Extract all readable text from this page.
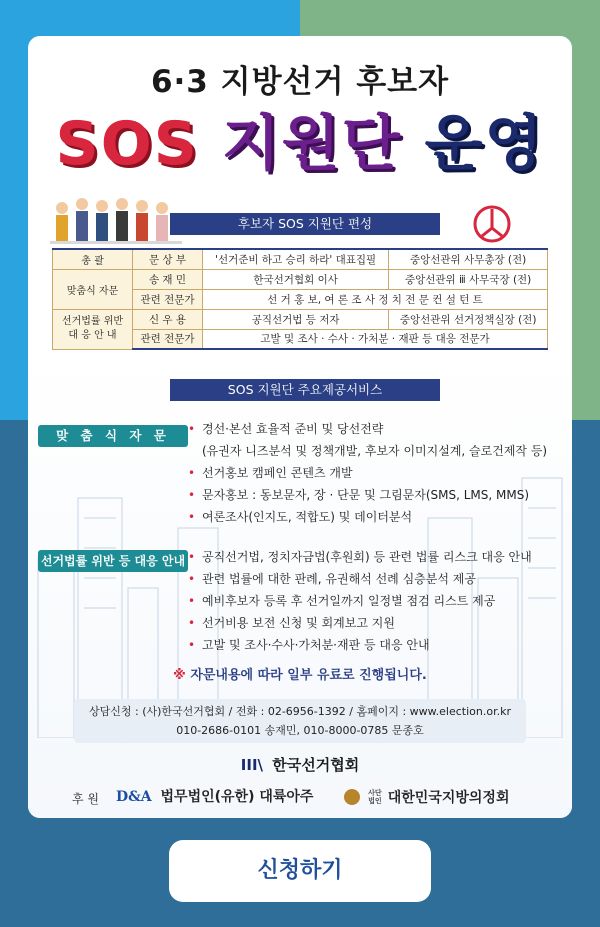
6·3 지방선거 후보자
SOS 지원단 운영
후보자 SOS 지원단 편성
총 괄	문 상 부	'선거준비 하고 승리 하라' 대표집필	중앙선관위 사무총장 (전)
맞춤식 자문	송 재 민	한국선거협회 이사	중앙선관위 ⅲ 사무국장 (전)
	관련 전문가	선 거 홍 보, 여 론 조 사 정 치 전 문 컨 설 턴 트	
선거법률 위반
대 응 안 내	신 우 용	공직선거법 등 저자	중앙선관위 선거정책실장 (전)
	관련 전문가	고발 및 조사 · 수사 · 가처분 · 재판 등 대응 전문가	
SOS 지원단 주요제공서비스
맞 춤 식 자 문	• 경선·본선 효율적 준비 및 당선전략
(유권자 니즈분석 및 정책개발, 후보자 이미지설계, 슬로건제작 등)
• 선거홍보 캠페인 콘텐츠 개발
• 문자홍보 : 동보문자, 장 · 단문 및 그림문자(SMS, LMS, MMS)
• 여론조사(인지도, 적합도) 및 데이터분석
선거법률 위반 등 대응 안내	• 공직선거법, 정치자금법(후원회) 등 관련 법률 리스크 대응 안내
• 관련 법률에 대한 판례, 유권해석 선례 심층분석 제공
• 예비후보자 등록 후 선거일까지 일정별 점검 리스트 제공
• 선거비용 보전 신청 및 회계보고 지원
• 고발 및 조사·수사·가처분·재판 등 대응 안내
※ 자문내용에 따라 일부 유료로 진행됩니다.
상담신청 : (사)한국선거협회 / 전화 : 02-6956-1392 / 홈페이지 : www.election.or.kr
010-2686-0101 송재민, 010-8000-0785 문종호
III\ 한국선거협회
후 원 D&A 법무법인(유한) 대륙아주	사단법인 대한민국지방의정회
신청하기
